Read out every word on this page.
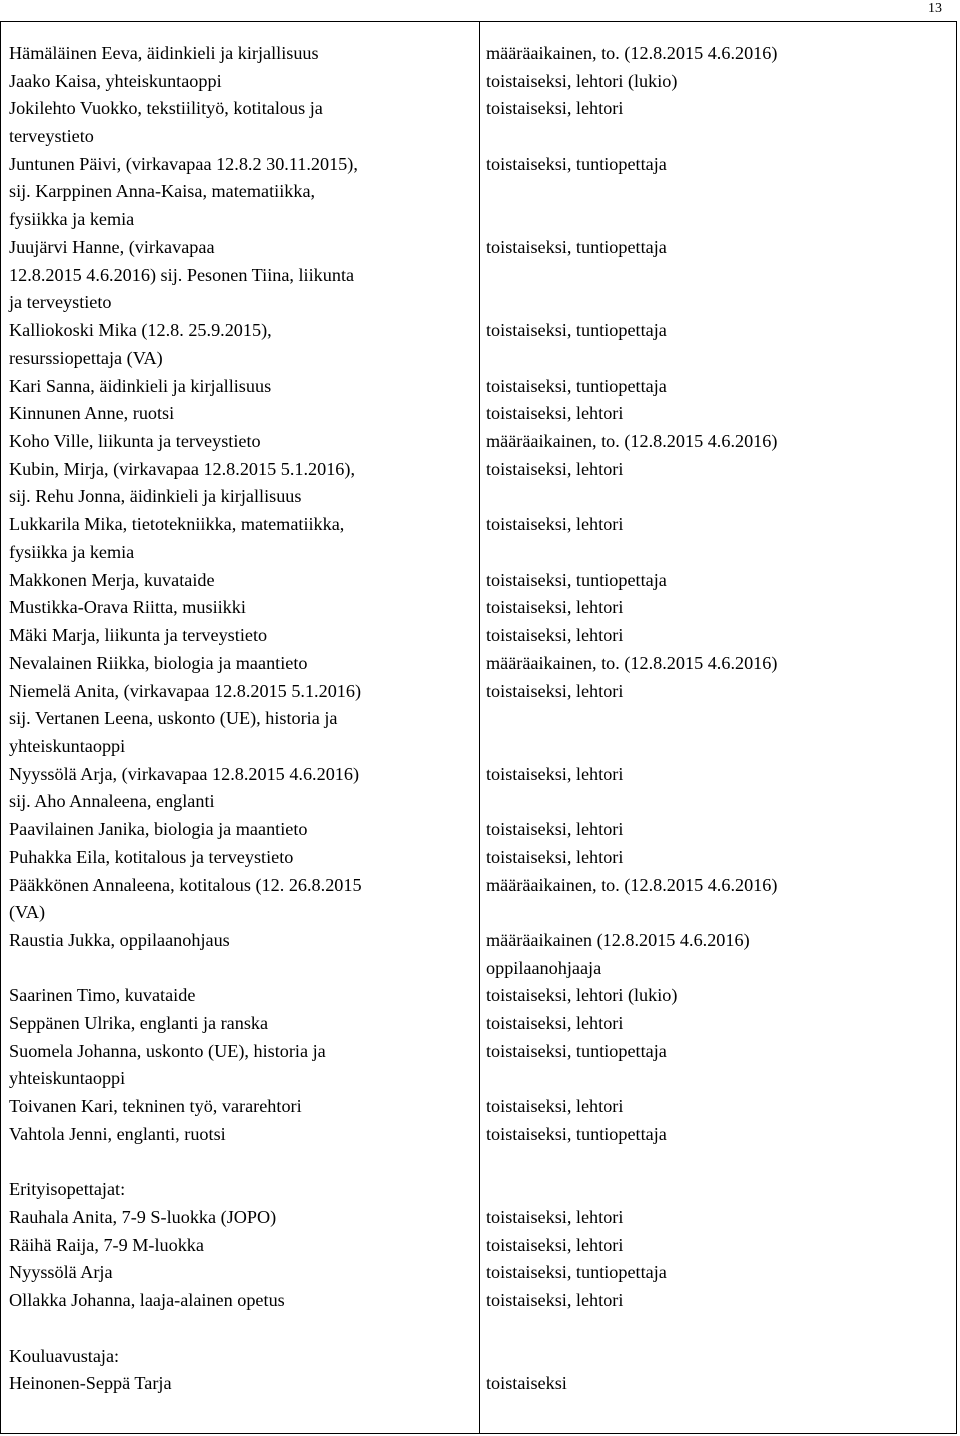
13
Hämäläinen Eeva, äidinkieli ja kirjallisuus
Jaako Kaisa, yhteiskuntaoppi
Jokilehto Vuokko, tekstiilityö, kotitalous ja
terveystieto
Juntunen Päivi, (virkavapaa 12.8.2 30.11.2015),
sij. Karppinen Anna-Kaisa, matematiikka,
fysiikka ja kemia
Juujärvi Hanne, (virkavapaa
12.8.2015 4.6.2016) sij. Pesonen Tiina, liikunta
ja terveystieto
Kalliokoski Mika (12.8. 25.9.2015),
resurssiopettaja (VA)
Kari Sanna, äidinkieli ja kirjallisuus
Kinnunen Anne, ruotsi
Koho Ville, liikunta ja terveystieto
Kubin, Mirja, (virkavapaa 12.8.2015 5.1.2016),
sij. Rehu Jonna, äidinkieli ja kirjallisuus
Lukkarila Mika, tietotekniikka, matematiikka,
fysiikka ja kemia
Makkonen Merja, kuvataide
Mustikka-Orava Riitta, musiikki
Mäki Marja, liikunta ja terveystieto
Nevalainen Riikka, biologia ja maantieto
Niemelä Anita, (virkavapaa 12.8.2015 5.1.2016)
sij. Vertanen Leena, uskonto (UE), historia ja
yhteiskuntaoppi
Nyyssölä Arja, (virkavapaa 12.8.2015 4.6.2016)
sij. Aho Annaleena, englanti
Paavilainen Janika, biologia ja maantieto
Puhakka Eila, kotitalous ja terveystieto
Pääkkönen Annaleena, kotitalous (12. 26.8.2015
(VA)
Raustia Jukka, oppilaanohjaus
Saarinen Timo, kuvataide
Seppänen Ulrika, englanti ja ranska
Suomela Johanna, uskonto (UE), historia ja
yhteiskuntaoppi
Toivanen Kari, tekninen työ, vararehtori
Vahtola Jenni, englanti, ruotsi
Erityisopettajat:
Rauhala Anita, 7-9 S-luokka (JOPO)
Räihä Raija, 7-9 M-luokka
Nyyssölä Arja
Ollakka Johanna, laaja-alainen opetus
Kouluavustaja:
Heinonen-Seppä Tarja
määräaikainen, to. (12.8.2015 4.6.2016)
toistaiseksi, lehtori (lukio)
toistaiseksi, lehtori
toistaiseksi, tuntiopettaja
toistaiseksi, tuntiopettaja
toistaiseksi, tuntiopettaja
toistaiseksi, tuntiopettaja
toistaiseksi, lehtori
määräaikainen, to. (12.8.2015 4.6.2016)
toistaiseksi, lehtori
toistaiseksi, lehtori
toistaiseksi, tuntiopettaja
toistaiseksi, lehtori
toistaiseksi, lehtori
määräaikainen, to. (12.8.2015 4.6.2016)
toistaiseksi, lehtori
toistaiseksi, lehtori
toistaiseksi, lehtori
toistaiseksi, lehtori
määräaikainen, to. (12.8.2015 4.6.2016)
määräaikainen (12.8.2015 4.6.2016)
oppilaanohjaaja
toistaiseksi, lehtori (lukio)
toistaiseksi, lehtori
toistaiseksi, tuntiopettaja
toistaiseksi, lehtori
toistaiseksi, tuntiopettaja
toistaiseksi, lehtori
toistaiseksi, lehtori
toistaiseksi, tuntiopettaja
toistaiseksi, lehtori
toistaiseksi
